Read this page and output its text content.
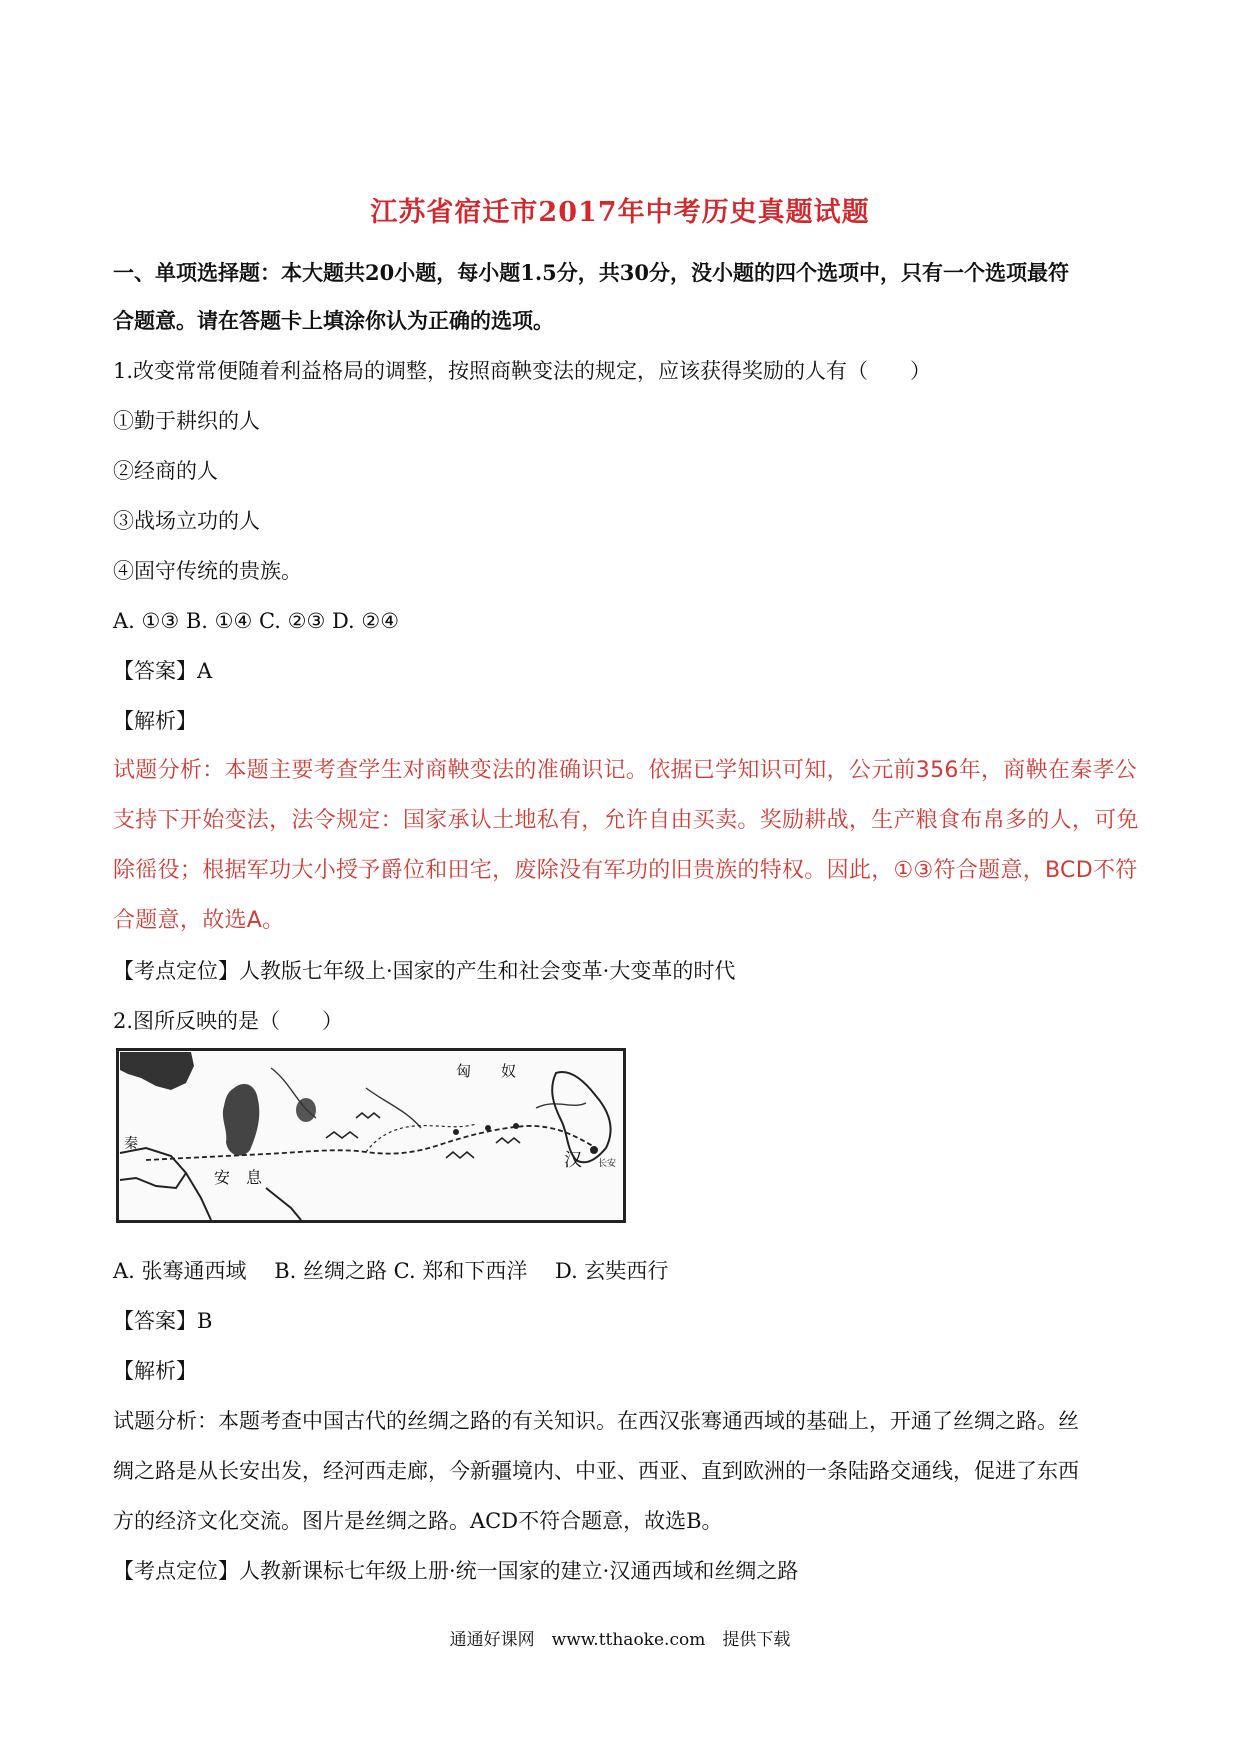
江苏省宿迁市2017年中考历史真题试题
一、单项选择题：本大题共20小题，每小题1.5分，共30分，没小题的四个选项中，只有一个选项最符
合题意。请在答题卡上填涂你认为正确的选项。
1.改变常常便随着利益格局的调整，按照商鞅变法的规定，应该获得奖励的人有（　　）
①勤于耕织的人
②经商的人
③战场立功的人
④固守传统的贵族。
A. ①③ B. ①④ C. ②③ D. ②④
【答案】A
【解析】
试题分析：本题主要考查学生对商鞅变法的准确识记。依据已学知识可知，公元前356年，商鞅在秦孝公
支持下开始变法，法令规定：国家承认土地私有，允许自由买卖。奖励耕战，生产粮食布帛多的人，可免
除徭役；根据军功大小授予爵位和田宅，废除没有军功的旧贵族的特权。因此，①③符合题意，BCD不符
合题意，故选A。
【考点定位】人教版七年级上·国家的产生和社会变革·大变革的时代
2.图所反映的是（　　）
匈　　奴
安　息
汉
秦
长安
A. 张骞通西域　 B. 丝绸之路 C. 郑和下西洋　 D. 玄奘西行
【答案】B
【解析】
试题分析：本题考查中国古代的丝绸之路的有关知识。在西汉张骞通西域的基础上，开通了丝绸之路。丝
绸之路是从长安出发，经河西走廊，今新疆境内、中亚、西亚、直到欧洲的一条陆路交通线，促进了东西
方的经济文化交流。图片是丝绸之路。ACD不符合题意，故选B。
【考点定位】人教新课标七年级上册·统一国家的建立·汉通西域和丝绸之路
通通好课网　www.tthaoke.com　提供下载
